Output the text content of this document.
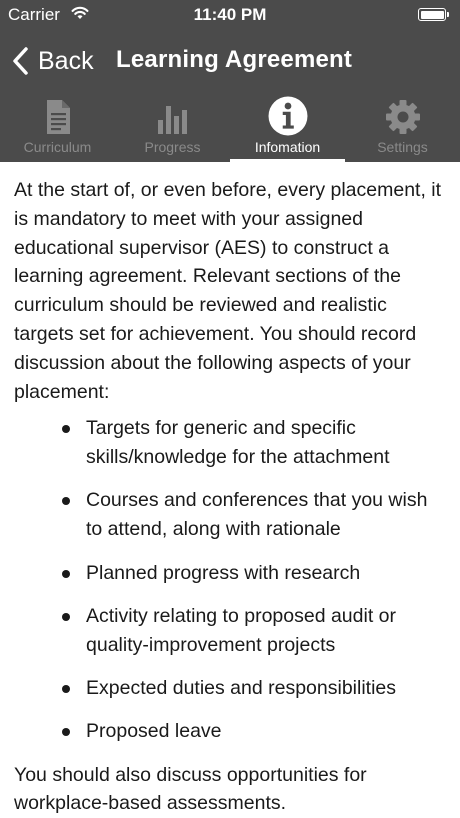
Carrier	11:40 PM
Back Learning Agreement
Curriculum	Progress	Infomation	Settings

At the start of, or even before, every placement, it is mandatory to meet with your assigned educational supervisor (AES) to construct a learning agreement. Relevant sections of the curriculum should be reviewed and realistic targets set for achievement. You should record discussion about the following aspects of your placement:

Targets for generic and specific skills/knowledge for the attachment
Courses and conferences that you wish to attend, along with rationale
Planned progress with research
Activity relating to proposed audit or quality-improvement projects
Expected duties and responsibilities
Proposed leave

You should also discuss opportunities for workplace-based assessments.
